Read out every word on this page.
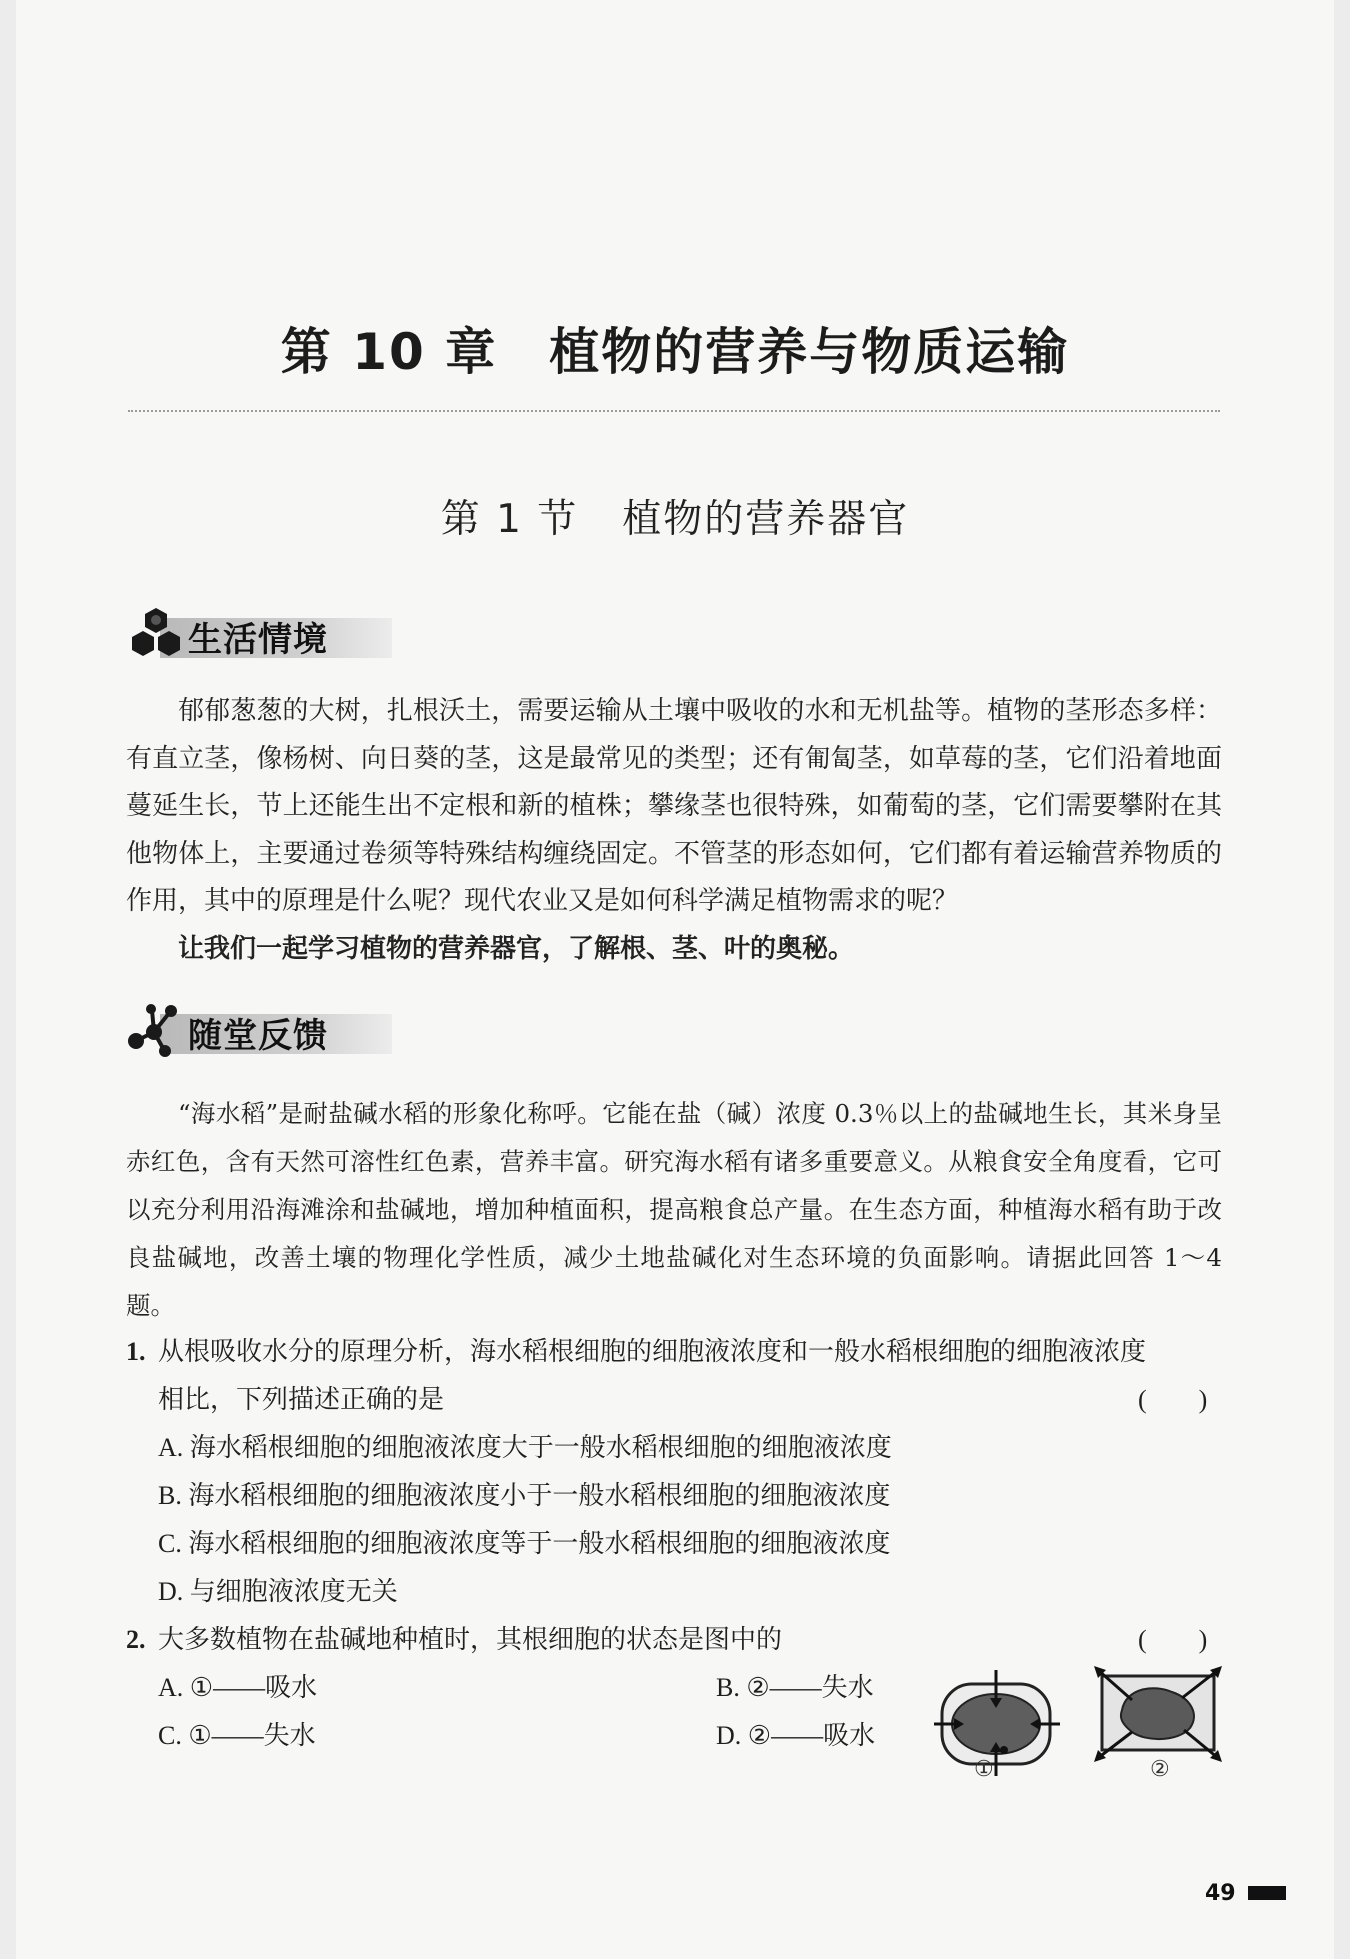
第 10 章 植物的营养与物质运输
第 1 节 植物的营养器官
生活情境
郁郁葱葱的大树，扎根沃土，需要运输从土壤中吸收的水和无机盐等。植物的茎形态多样：有直立茎，像杨树、向日葵的茎，这是最常见的类型；还有匍匐茎，如草莓的茎，它们沿着地面蔓延生长，节上还能生出不定根和新的植株；攀缘茎也很特殊，如葡萄的茎，它们需要攀附在其他物体上，主要通过卷须等特殊结构缠绕固定。不管茎的形态如何，它们都有着运输营养物质的作用，其中的原理是什么呢？现代农业又是如何科学满足植物需求的呢？
让我们一起学习植物的营养器官，了解根、茎、叶的奥秘。
随堂反馈
“海水稻”是耐盐碱水稻的形象化称呼。它能在盐（碱）浓度 0.3％以上的盐碱地生长，其米身呈赤红色，含有天然可溶性红色素，营养丰富。研究海水稻有诸多重要意义。从粮食安全角度看，它可以充分利用沿海滩涂和盐碱地，增加种植面积，提高粮食总产量。在生态方面，种植海水稻有助于改良盐碱地，改善土壤的物理化学性质，减少土地盐碱化对生态环境的负面影响。请据此回答 1～4 题。
1. 从根吸收水分的原理分析，海水稻根细胞的细胞液浓度和一般水稻根细胞的细胞液浓度
相比，下列描述正确的是	(　　)
A. 海水稻根细胞的细胞液浓度大于一般水稻根细胞的细胞液浓度
B. 海水稻根细胞的细胞液浓度小于一般水稻根细胞的细胞液浓度
C. 海水稻根细胞的细胞液浓度等于一般水稻根细胞的细胞液浓度
D. 与细胞液浓度无关
2. 大多数植物在盐碱地种植时，其根细胞的状态是图中的	(　　)
A. ①——吸水	B. ②——失水
C. ①——失水	D. ②——吸水
①	②
49
